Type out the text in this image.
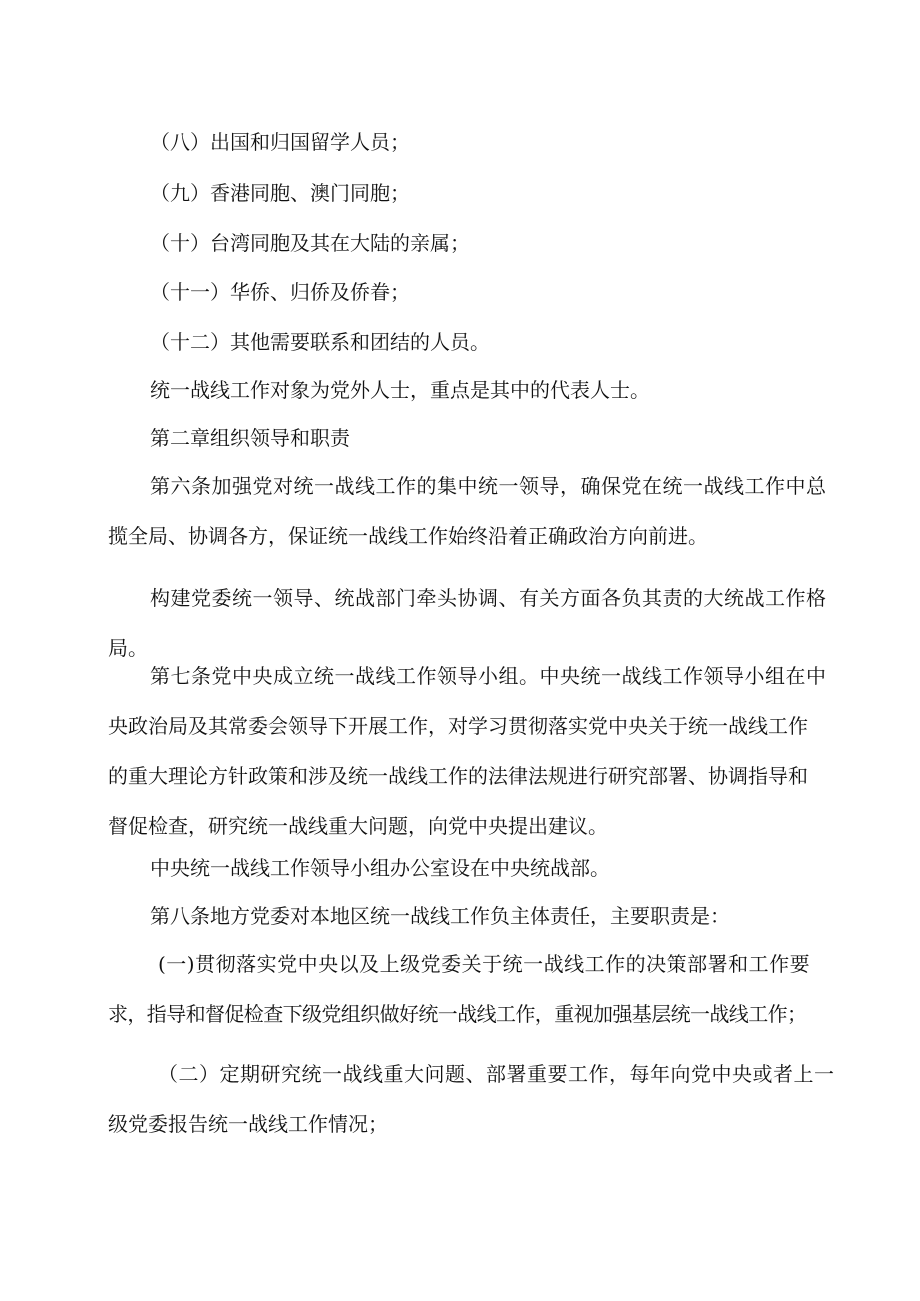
（八）出国和归国留学人员；

（九）香港同胞、澳门同胞；

（十）台湾同胞及其在大陆的亲属；

（十一）华侨、归侨及侨眷；

（十二）其他需要联系和团结的人员。

统一战线工作对象为党外人士，重点是其中的代表人士。

第二章组织领导和职责

第六条加强党对统一战线工作的集中统一领导，确保党在统一战线工作中总
揽全局、协调各方，保证统一战线工作始终沿着正确政治方向前进。
构建党委统一领导、统战部门牵头协调、有关方面各负其责的大统战工作格
局。
第七条党中央成立统一战线工作领导小组。中央统一战线工作领导小组在中
央政治局及其常委会领导下开展工作，对学习贯彻落实党中央关于统一战线工作
的重大理论方针政策和涉及统一战线工作的法律法规进行研究部署、协调指导和
督促检查，研究统一战线重大问题，向党中央提出建议。

中央统一战线工作领导小组办公室设在中央统战部。

第八条地方党委对本地区统一战线工作负主体责任，主要职责是：

(一)贯彻落实党中央以及上级党委关于统一战线工作的决策部署和工作要
求，指导和督促检查下级党组织做好统一战线工作，重视加强基层统一战线工作；
（二）定期研究统一战线重大问题、部署重要工作，每年向党中央或者上一
级党委报告统一战线工作情况；
